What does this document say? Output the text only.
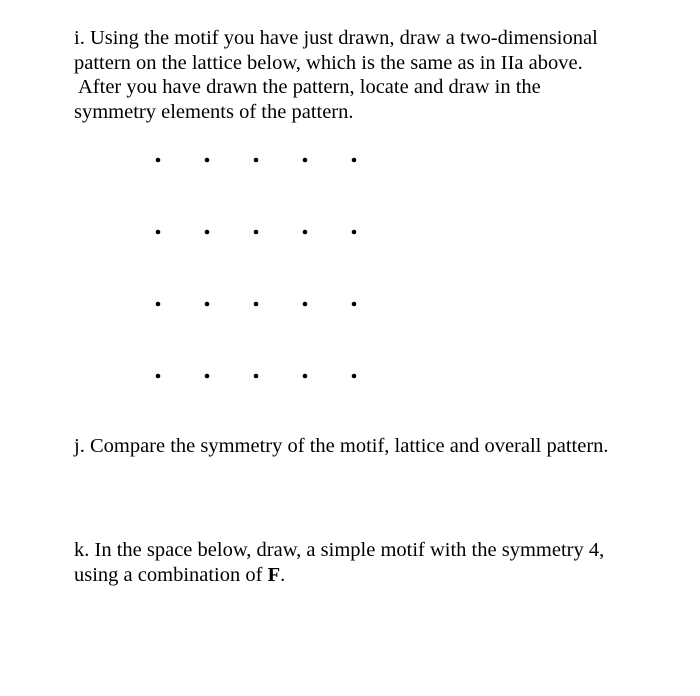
i. Using the motif you have just drawn, draw a two-dimensional
pattern on the lattice below, which is the same as in IIa above.
After you have drawn the pattern, locate and draw in the
symmetry elements of the pattern.
j. Compare the symmetry of the motif, lattice and overall pattern.
k. In the space below, draw, a simple motif with the symmetry 4,
using a combination of F.
